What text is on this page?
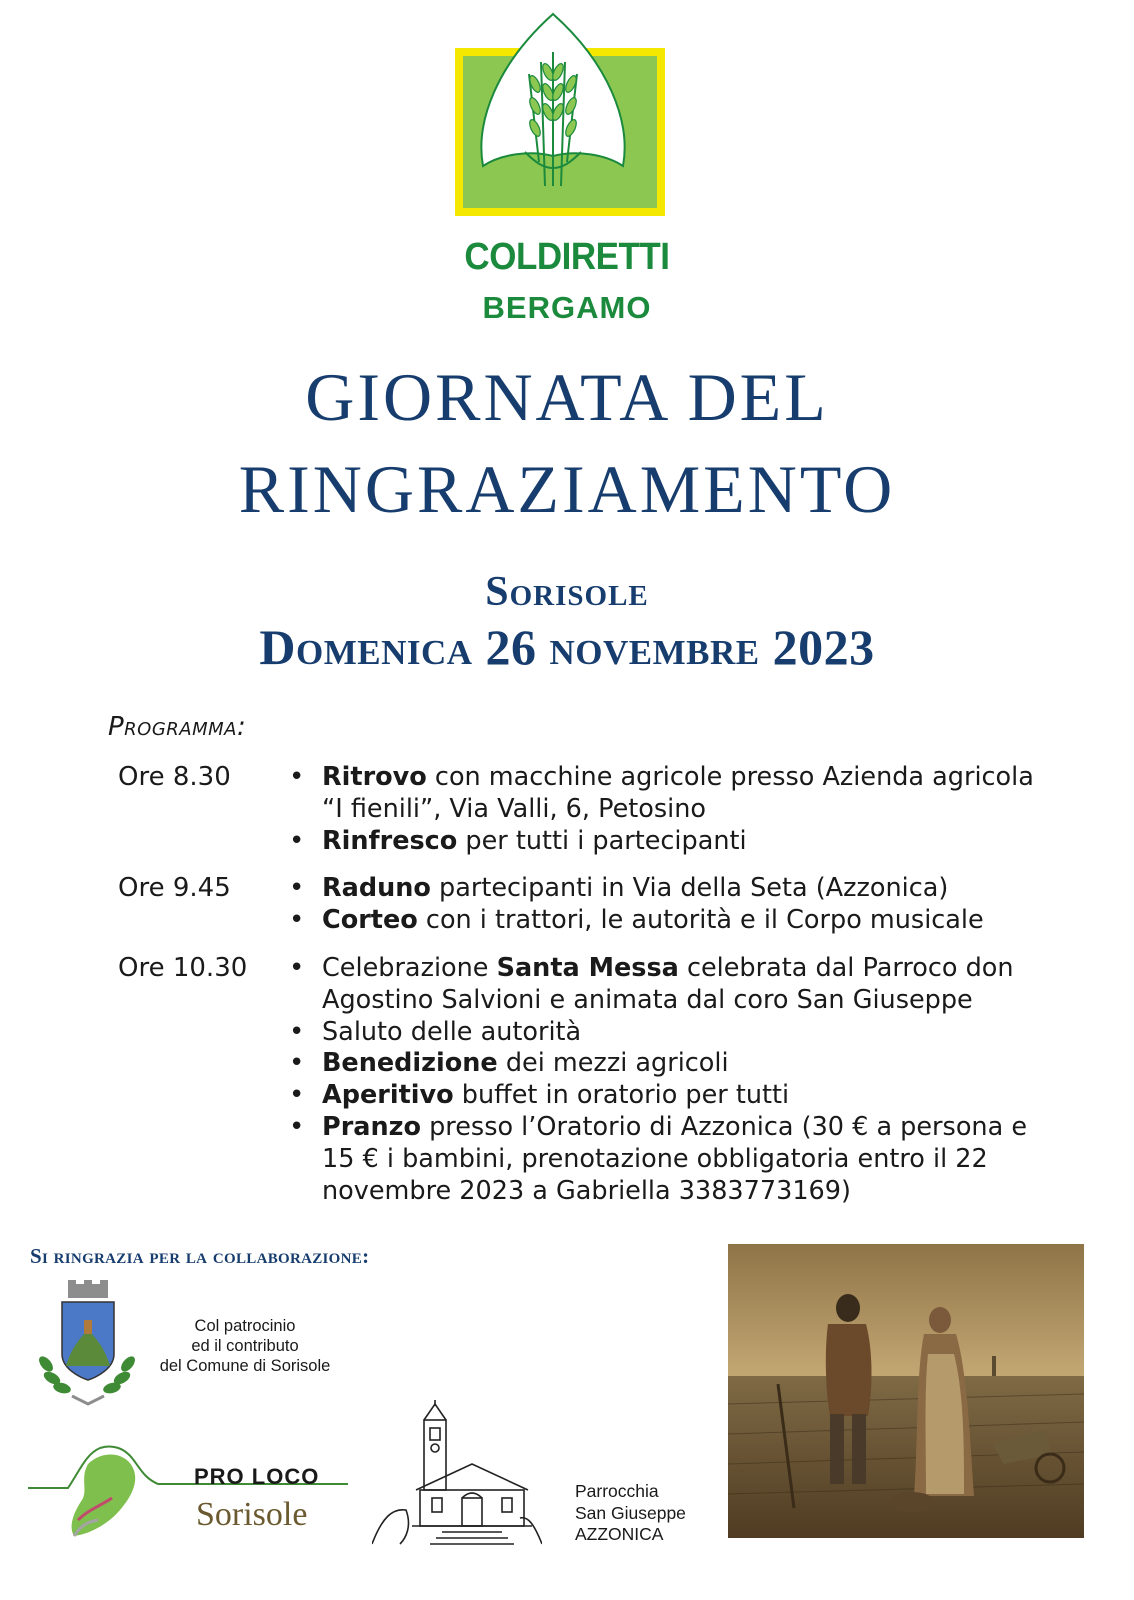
COLDIRETTI
BERGAMO
GIORNATA DEL
RINGRAZIAMENTO
Sorisole
Domenica 26 novembre 2023
Programma:
Ore 8.30	• Ritrovo con macchine agricole presso Azienda agricola “I fienili”, Via Valli, 6, Petosino
• Rinfresco per tutti i partecipanti
Ore 9.45	• Raduno partecipanti in Via della Seta (Azzonica)
• Corteo con i trattori, le autorità e il Corpo musicale
Ore 10.30	• Celebrazione Santa Messa celebrata dal Parroco don Agostino Salvioni e animata dal coro San Giuseppe
• Saluto delle autorità
• Benedizione dei mezzi agricoli
• Aperitivo buffet in oratorio per tutti
• Pranzo presso l’Oratorio di Azzonica (30 € a persona e 15 € i bambini, prenotazione obbligatoria entro il 22 novembre 2023 a Gabriella 3383773169)
Si ringrazia per la collaborazione:
Col patrocinio
ed il contributo
del Comune di Sorisole
PRO LOCO
Sorisole
Parrocchia
San Giuseppe
AZZONICA
